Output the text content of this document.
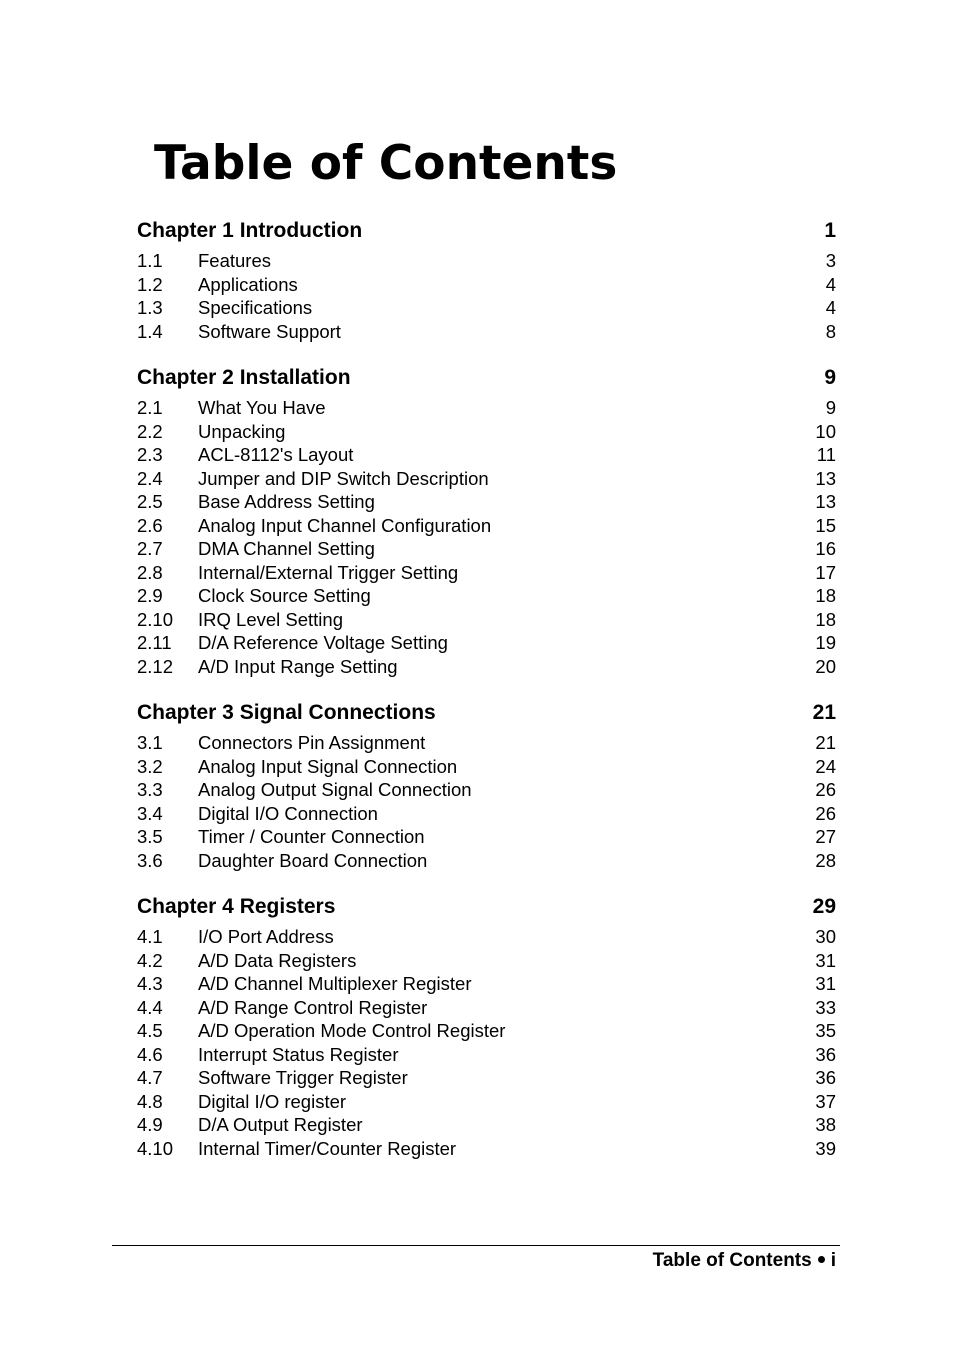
Table of Contents
Chapter 1 Introduction	1
1.1	Features	3
1.2	Applications	4
1.3	Specifications	4
1.4	Software Support	8
Chapter 2 Installation	9
2.1	What You Have	9
2.2	Unpacking	10
2.3	ACL-8112's Layout	11
2.4	Jumper and DIP Switch Description	13
2.5	Base Address Setting	13
2.6	Analog Input Channel Configuration	15
2.7	DMA Channel Setting	16
2.8	Internal/External Trigger Setting	17
2.9	Clock Source Setting	18
2.10	IRQ Level Setting	18
2.11	D/A Reference Voltage Setting	19
2.12	A/D Input Range Setting	20
Chapter 3 Signal Connections	21
3.1	Connectors Pin Assignment	21
3.2	Analog Input Signal Connection	24
3.3	Analog Output Signal Connection	26
3.4	Digital I/O Connection	26
3.5	Timer / Counter Connection	27
3.6	Daughter Board Connection	28
Chapter 4 Registers	29
4.1	I/O Port Address	30
4.2	A/D Data Registers	31
4.3	A/D Channel Multiplexer Register	31
4.4	A/D Range Control Register	33
4.5	A/D Operation Mode Control Register	35
4.6	Interrupt Status Register	36
4.7	Software Trigger Register	36
4.8	Digital I/O register	37
4.9	D/A Output Register	38
4.10	Internal Timer/Counter Register	39
Table of Contents i
